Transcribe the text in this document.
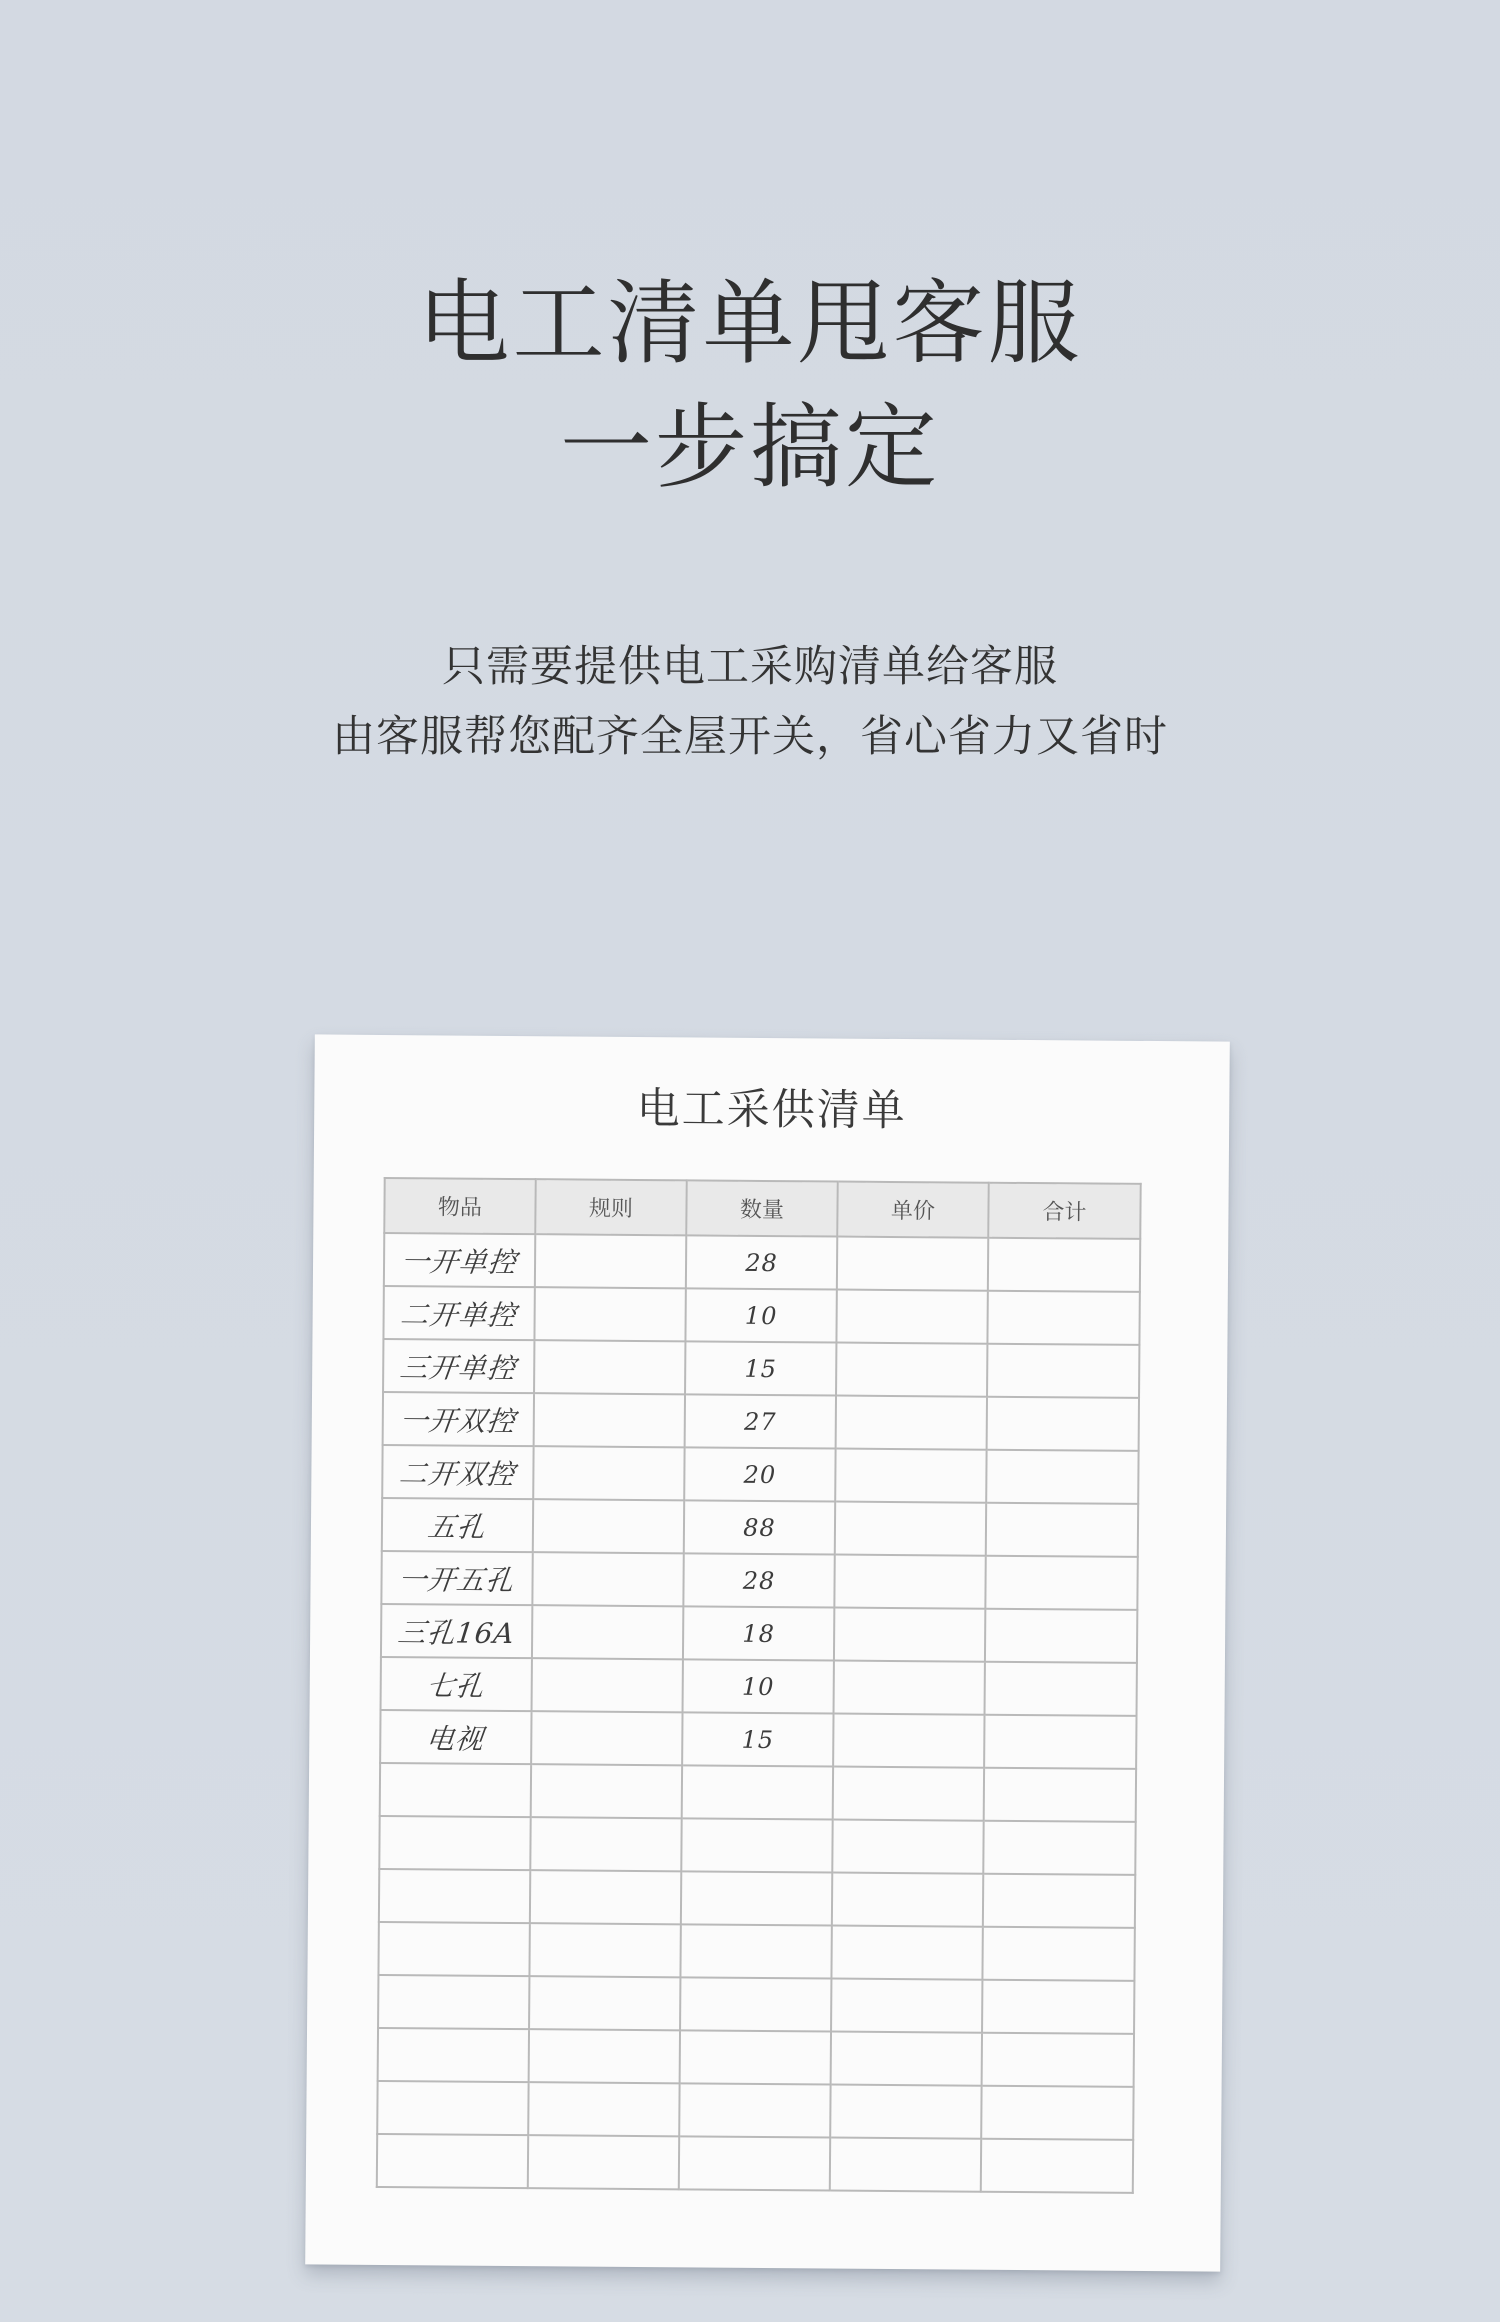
电工清单甩客服
一步搞定
只需要提供电工采购清单给客服
由客服帮您配齐全屋开关，省心省力又省时
电工采供清单
物品	规则	数量	单价	合计
一开单控		28		
二开单控		10		
三开单控		15		
一开双控		27		
二开双控		20		
五孔		88		
一开五孔		28		
三孔16A		18		
七孔		10		
电视		15		
